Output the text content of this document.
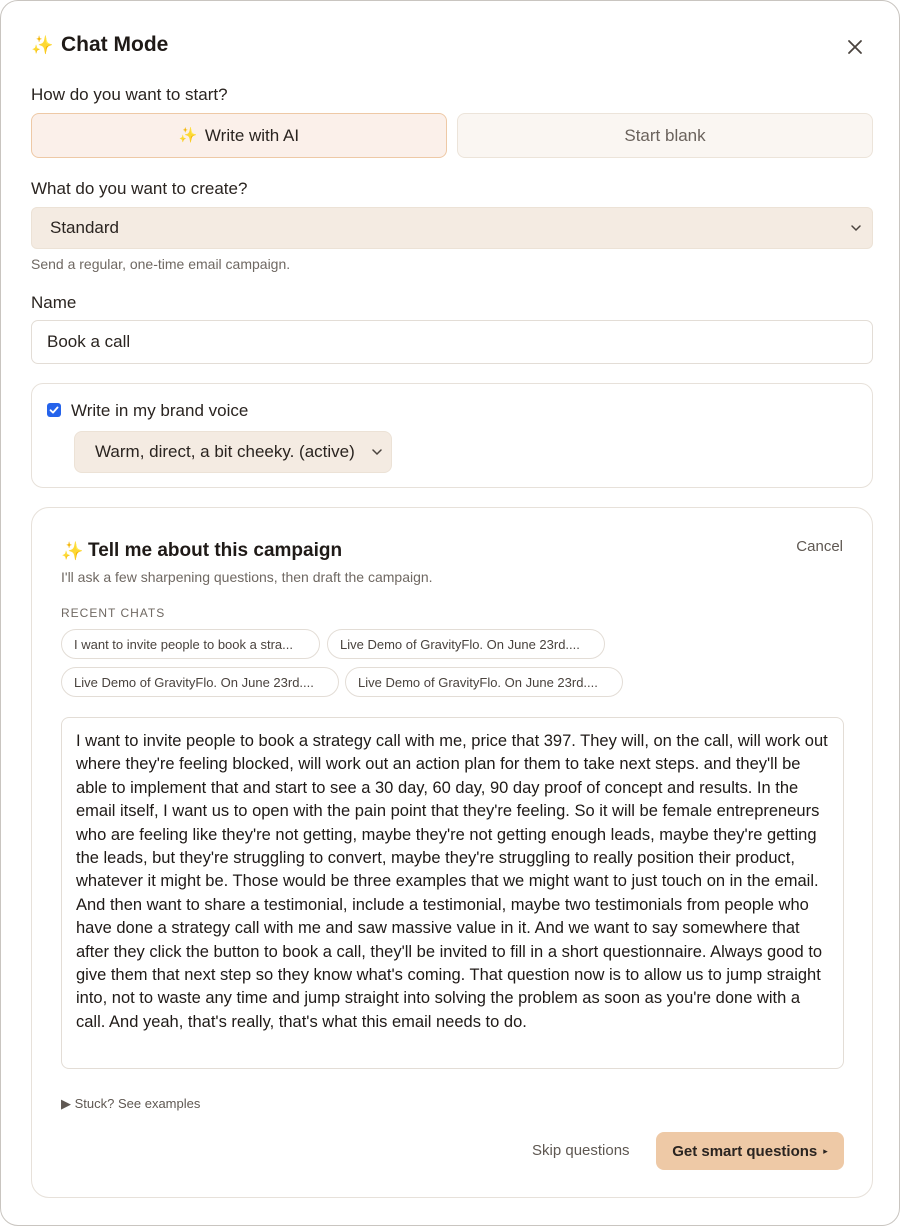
✨ Chat Mode
How do you want to start?
✨ Write with AI	Start blank
What do you want to create?
Standard
Send a regular, one-time email campaign.
Name
Book a call
Write in my brand voice
Warm, direct, a bit cheeky. (active)
✨ Tell me about this campaign	Cancel
I'll ask a few sharpening questions, then draft the campaign.
RECENT CHATS
I want to invite people to book a stra...	Live Demo of GravityFlo. On June 23rd....
Live Demo of GravityFlo. On June 23rd....	Live Demo of GravityFlo. On June 23rd....
I want to invite people to book a strategy call with me, price that 397. They will, on the call, will work out where they're feeling blocked, will work out an action plan for them to take next steps. and they'll be able to implement that and start to see a 30 day, 60 day, 90 day proof of concept and results. In the email itself, I want us to open with the pain point that they're feeling. So it will be female entrepreneurs who are feeling like they're not getting, maybe they're not getting enough leads, maybe they're getting the leads, but they're struggling to convert, maybe they're struggling to really position their product, whatever it might be. Those would be three examples that we might want to just touch on in the email. And then want to share a testimonial, include a testimonial, maybe two testimonials from people who have done a strategy call with me and saw massive value in it. And we want to say somewhere that after they click the button to book a call, they'll be invited to fill in a short questionnaire. Always good to give them that next step so they know what's coming. That question now is to allow us to jump straight into, not to waste any time and jump straight into solving the problem as soon as you're done with a call. And yeah, that's really, that's what this email needs to do.
▶ Stuck? See examples
Skip questions	Get smart questions ▸
